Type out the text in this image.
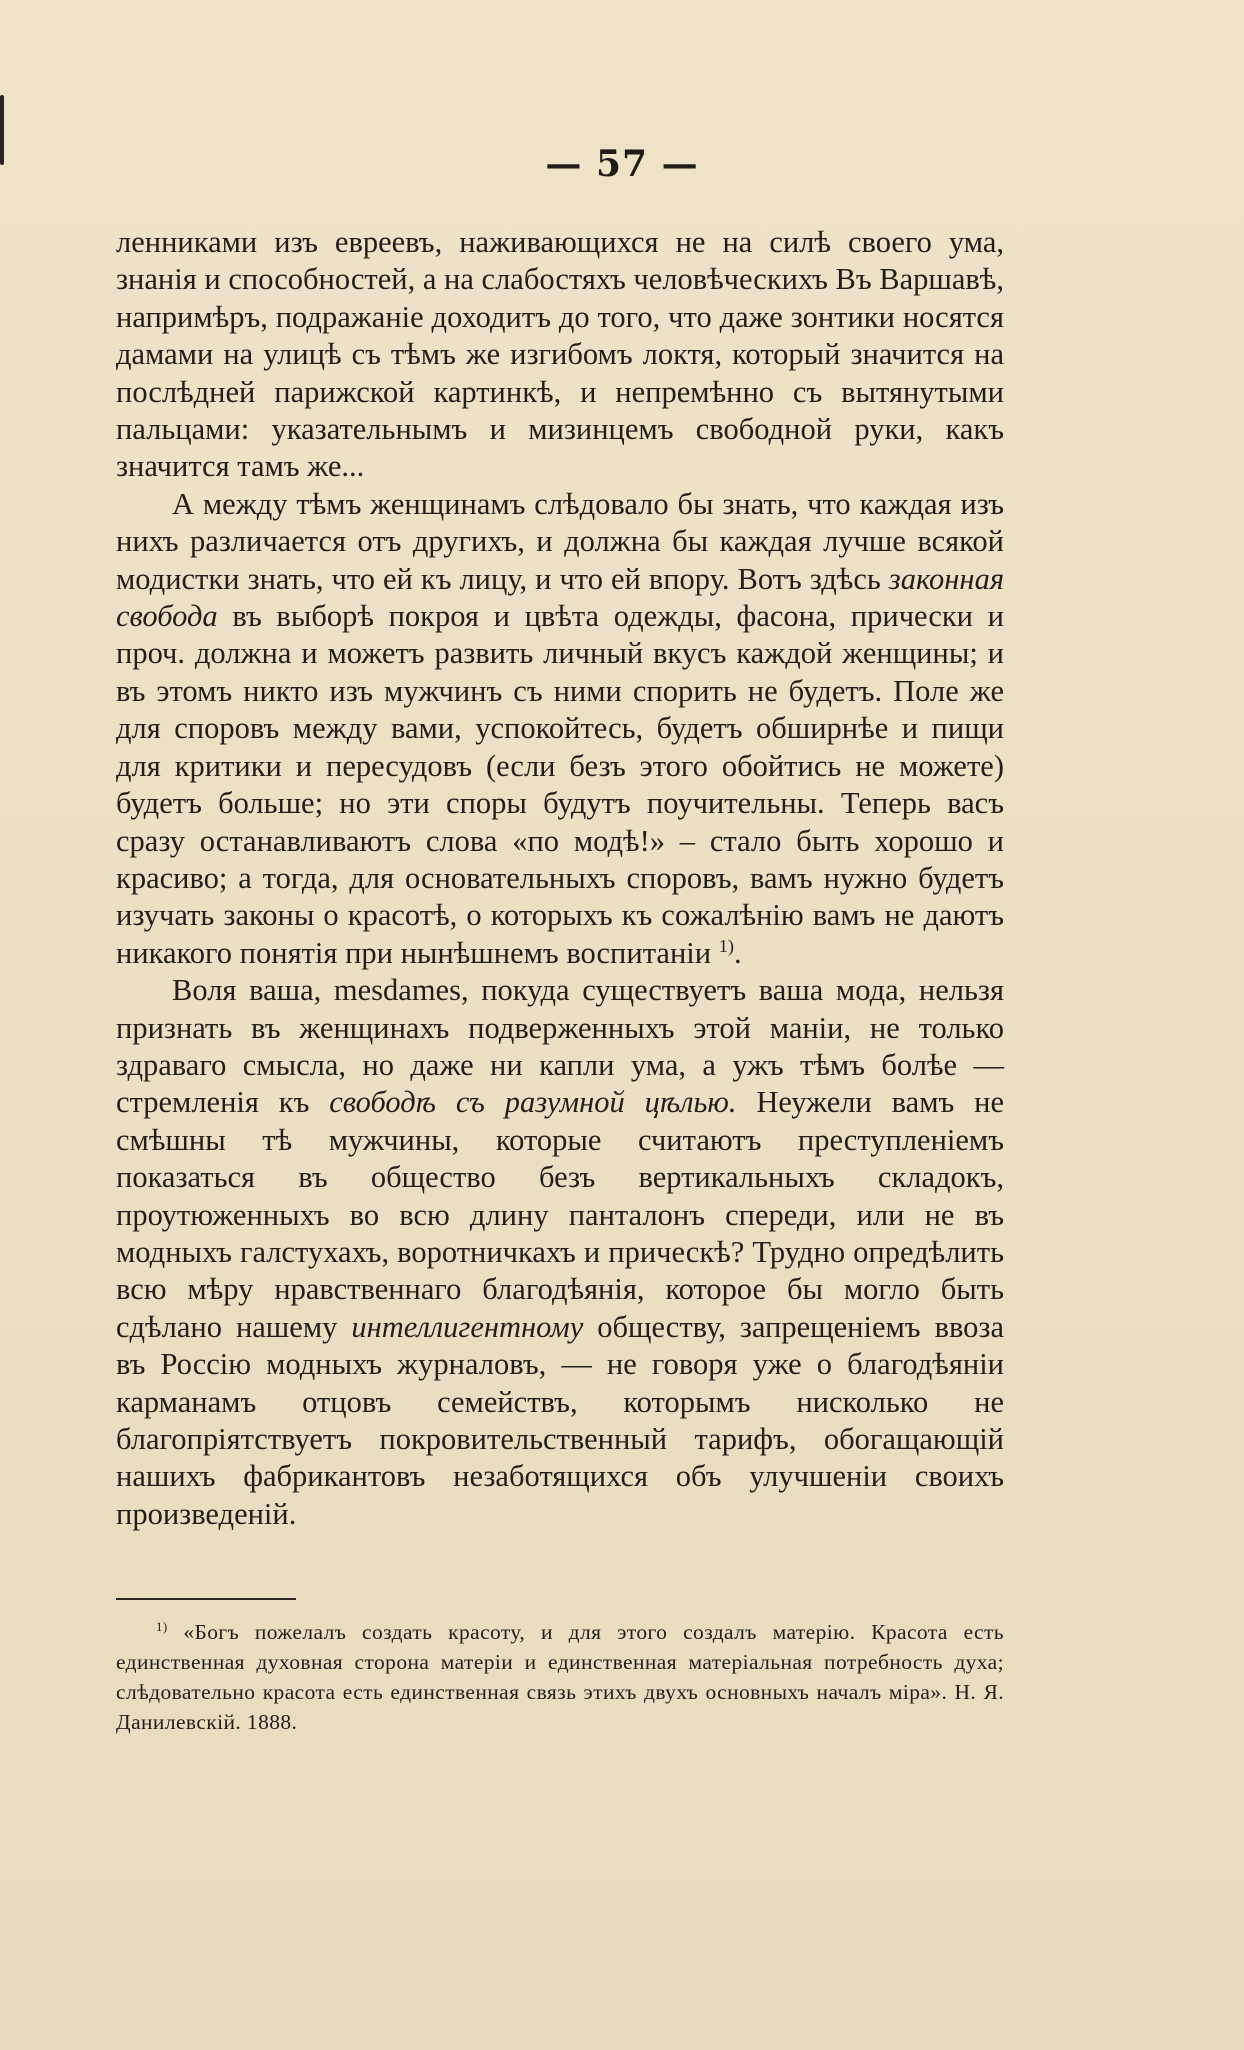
— 57 —

ленниками изъ евреевъ, наживающихся не на силѣ своего ума, знанія и способностей, а на слабостяхъ человѣческихъ Въ Варшавѣ, напримѣръ, подражаніе доходитъ до того, что даже зонтики носятся дамами на улицѣ съ тѣмъ же изгибомъ локтя, который значится на послѣдней парижской картинкѣ, и непремѣнно съ вытянутыми пальцами: указательнымъ и мизинцемъ свободной руки, какъ значится тамъ же...

А между тѣмъ женщинамъ слѣдовало бы знать, что каждая изъ нихъ различается отъ другихъ, и должна бы каждая лучше всякой модистки знать, что ей къ лицу, и что ей впору. Вотъ здѣсь законная свобода въ выборѣ покроя и цвѣта одежды, фасона, прически и проч. должна и можетъ развить личный вкусъ каждой женщины; и въ этомъ никто изъ мужчинъ съ ними спорить не будетъ. Поле же для споровъ между вами, успокойтесь, будетъ обширнѣе и пищи для критики и пересудовъ (если безъ этого обойтись не можете) будетъ больше; но эти споры будутъ поучительны. Теперь васъ сразу останавливаютъ слова «по модѣ!» – стало быть хорошо и красиво; а тогда, для основательныхъ споровъ, вамъ нужно будетъ изучать законы о красотѣ, о которыхъ къ сожалѣнію вамъ не даютъ никакого понятія при нынѣшнемъ воспитаніи $^{1)}$.

Воля ваша, mesdames, покуда существуетъ ваша мода, нельзя признать въ женщинахъ подверженныхъ этой маніи, не только здраваго смысла, но даже ни капли ума, а ужъ тѣмъ болѣе — стремленія къ свободѣ съ разумной цѣлью. Неужели вамъ не смѣшны тѣ мужчины, которые считаютъ преступленіемъ показаться въ общество безъ вертикальныхъ складокъ, проутюженныхъ во всю длину панталонъ спереди, или не въ модныхъ галстухахъ, воротничкахъ и прическѣ? Трудно опредѣлить всю мѣру нравственнаго благодѣянія, которое бы могло быть сдѣлано нашему интеллигентному обществу, запрещеніемъ ввоза въ Россію модныхъ журналовъ, — не говоря уже о благодѣяніи карманамъ отцовъ семействъ, которымъ нисколько не благопріятствуетъ покровительственный тарифъ, обогащающій нашихъ фабрикантовъ незаботящихся объ улучшеніи своихъ произведеній.

$^{1)}$ «Богъ пожелалъ создать красоту, и для этого создалъ матерію. Красота есть единственная духовная сторона матеріи и единственная матеріальная потребность духа; слѣдовательно красота есть единственная связь этихъ двухъ основныхъ началъ міра». Н. Я. Данилевскій. 1888.
